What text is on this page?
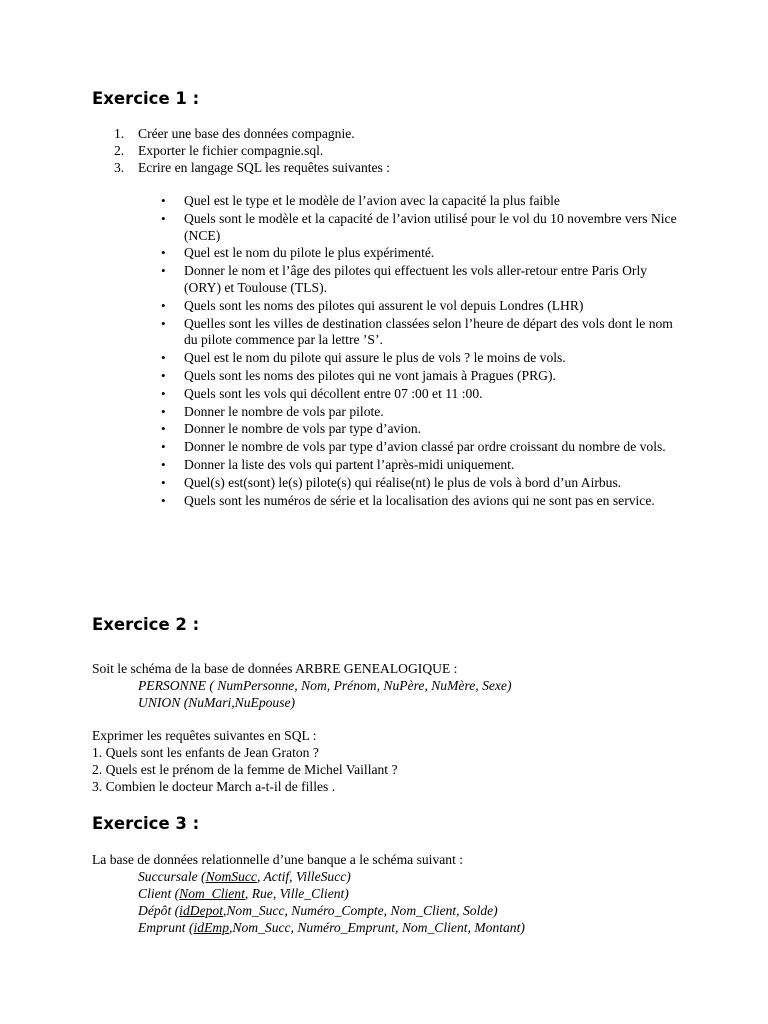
Exercice 1 :
1. Créer une base des données compagnie.
2. Exporter le fichier compagnie.sql.
3. Ecrire en langage SQL les requêtes suivantes :
• Quel est le type et le modèle de l’avion avec la capacité la plus faible
• Quels sont le modèle et la capacité de l’avion utilisé pour le vol du 10 novembre vers Nice (NCE)
• Quel est le nom du pilote le plus expérimenté.
• Donner le nom et l’âge des pilotes qui effectuent les vols aller-retour entre Paris Orly (ORY) et Toulouse (TLS).
• Quels sont les noms des pilotes qui assurent le vol depuis Londres (LHR)
• Quelles sont les villes de destination classées selon l’heure de départ des vols dont le nom du pilote commence par la lettre ’S’.
• Quel est le nom du pilote qui assure le plus de vols ? le moins de vols.
• Quels sont les noms des pilotes qui ne vont jamais à Pragues (PRG).
• Quels sont les vols qui décollent entre 07 :00 et 11 :00.
• Donner le nombre de vols par pilote.
• Donner le nombre de vols par type d’avion.
• Donner le nombre de vols par type d’avion classé par ordre croissant du nombre de vols.
• Donner la liste des vols qui partent l’après-midi uniquement.
• Quel(s) est(sont) le(s) pilote(s) qui réalise(nt) le plus de vols à bord d’un Airbus.
• Quels sont les numéros de série et la localisation des avions qui ne sont pas en service.
Exercice 2 :

Soit le schéma de la base de données ARBRE GENEALOGIQUE :

PERSONNE ( NumPersonne, Nom, Prénom, NuPère, NuMère, Sexe)
UNION (NuMari,NuEpouse)
Exprimer les requêtes suivantes en SQL :
1. Quels sont les enfants de Jean Graton ?
2. Quels est le prénom de la femme de Michel Vaillant ?
3. Combien le docteur March a-t-il de filles .
Exercice 3 :

La base de données relationnelle d’une banque a le schéma suivant :

Succursale (NomSucc, Actif, VilleSucc)
Client (Nom_Client, Rue, Ville_Client)
Dépôt (idDepot,Nom_Succ, Numéro_Compte, Nom_Client, Solde)
Emprunt (idEmp,Nom_Succ, Numéro_Emprunt, Nom_Client, Montant)
